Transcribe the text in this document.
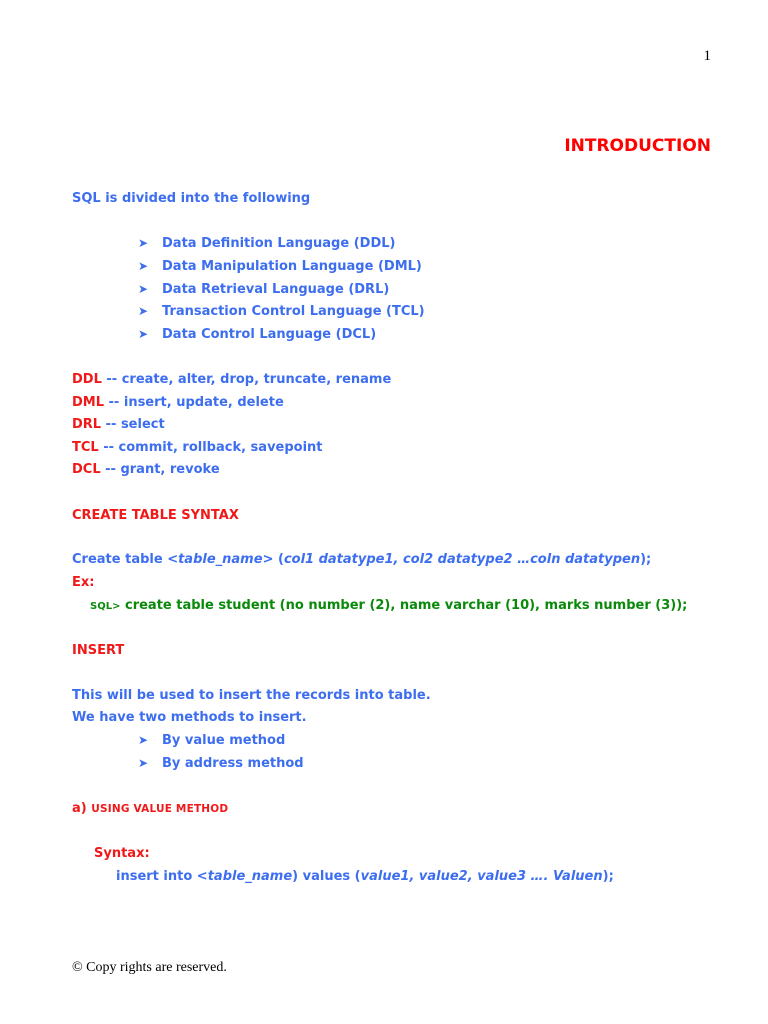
1
INTRODUCTION
SQL is divided into the following
➤ Data Definition Language (DDL)
➤ Data Manipulation Language (DML)
➤ Data Retrieval Language (DRL)
➤ Transaction Control Language (TCL)
➤ Data Control Language (DCL)
DDL -- create, alter, drop, truncate, rename
DML -- insert, update, delete
DRL -- select
TCL -- commit, rollback, savepoint
DCL -- grant, revoke
CREATE TABLE SYNTAX
Create table <table_name> (col1 datatype1, col2 datatype2 …coln datatypen);
Ex:
SQL> create table student (no number (2), name varchar (10), marks number (3));
INSERT
This will be used to insert the records into table.
We have two methods to insert.
➤ By value method
➤ By address method
a) USING VALUE METHOD
Syntax:
insert into <table_name) values (value1, value2, value3 …. Valuen);
© Copy rights are reserved.
